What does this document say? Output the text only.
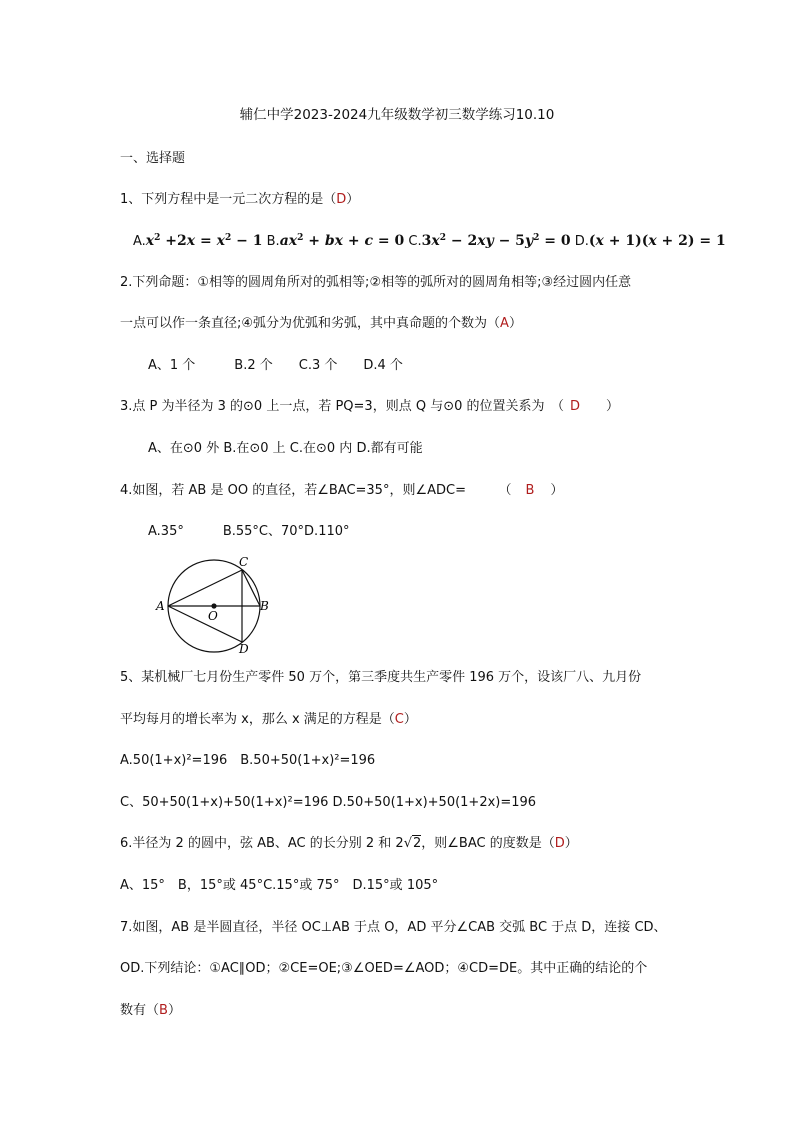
辅仁中学2023-2024九年级数学初三数学练习10.10
一、选择题
1、下列方程中是一元二次方程的是（D）
$A.x^2 +2x = x^2 - 1$ $B.ax^2$ + bx + c = 0 $C.3x^2 - 2xy - 5y^2 = 0$ D.(x + 1)(x + 2) = 1
2.下列命题：①相等的圆周角所对的弧相等;②相等的弧所对的圆周角相等;③经过圆内任意
一点可以作一条直径;④弧分为优弧和劣弧，其中真命题的个数为（A）
A、1 个　　　B.2 个　　C.3 个　　D.4 个
3.点 P 为半径为 3 的⊙0 上一点，若 PQ=3，则点 Q 与⊙0 的位置关系为　（ D ）
A、在⊙0 外 B.在⊙0 上 C.在⊙0 内 D.都有可能
4.如图，若 AB 是 OO 的直径，若∠BAC=35°，则∠ADC=　　　（ B ）
A.35°　　　B.55°C、70°D.110°
A	B
C
D
O
5、某机械厂七月份生产零件 50 万个，第三季度共生产零件 196 万个，设该厂八、九月份
平均每月的增长率为 x，那么 x 满足的方程是（C）
A.50(1+x)²=196　B.50+50(1+x)²=196
C、50+50(1+x)+50(1+x)²=196 D.50+50(1+x)+50(1+2x)=196
6.半径为 2 的圆中，弦 AB、AC 的长分别 2 和 2√2，则∠BAC 的度数是（D）
A、15°　B，15°或 45°C.15°或 75°　D.15°或 105°
7.如图，AB 是半圆直径，半径 OC⊥AB 于点 O，AD 平分∠CAB 交弧 BC 于点 D，连接 CD、
OD.下列结论：①AC∥OD；②CE=OE;③∠OED=∠AOD；④CD=DE。其中正确的结论的个
数有（B）
